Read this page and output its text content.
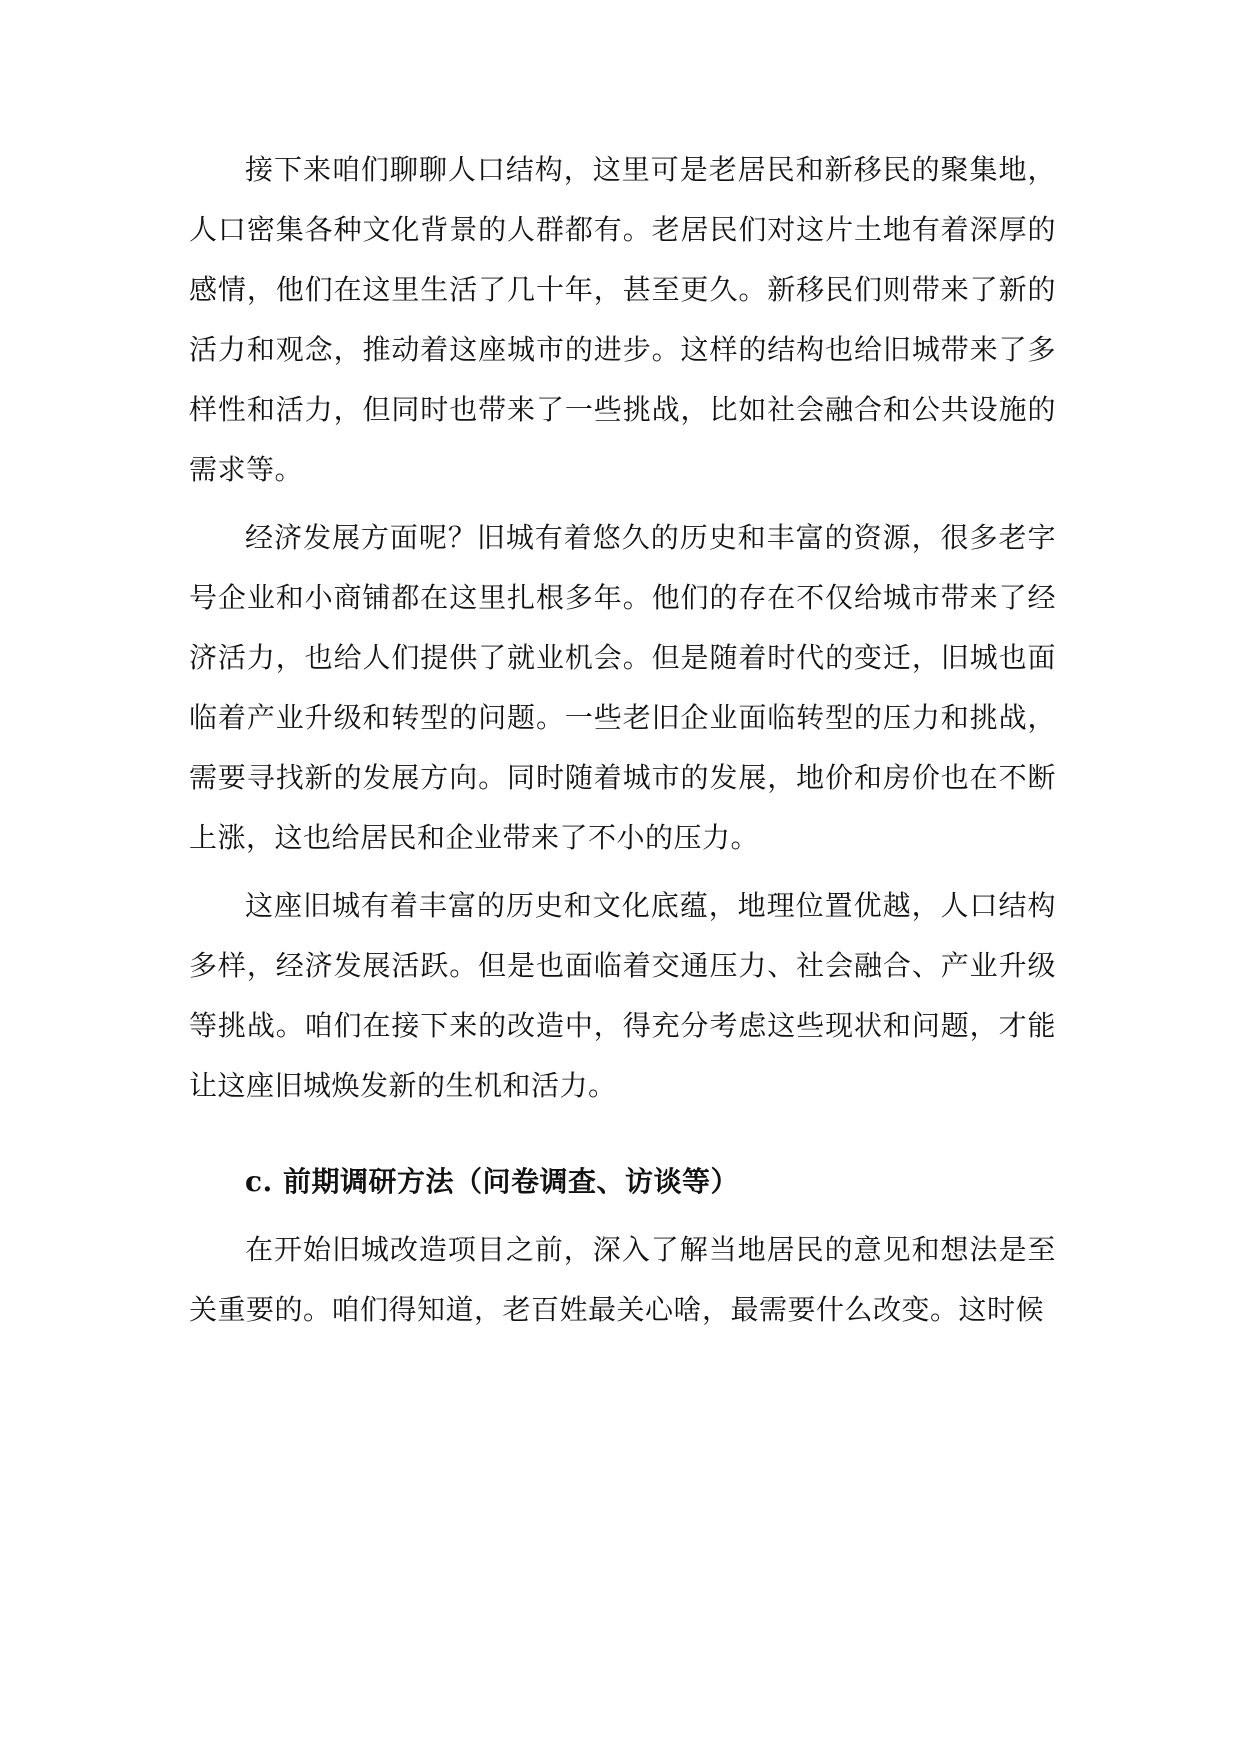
接下来咱们聊聊人口结构，这里可是老居民和新移民的聚集地，人口密集各种文化背景的人群都有。老居民们对这片土地有着深厚的感情，他们在这里生活了几十年，甚至更久。新移民们则带来了新的活力和观念，推动着这座城市的进步。这样的结构也给旧城带来了多样性和活力，但同时也带来了一些挑战，比如社会融合和公共设施的需求等。

经济发展方面呢？旧城有着悠久的历史和丰富的资源，很多老字号企业和小商铺都在这里扎根多年。他们的存在不仅给城市带来了经济活力，也给人们提供了就业机会。但是随着时代的变迁，旧城也面临着产业升级和转型的问题。一些老旧企业面临转型的压力和挑战，需要寻找新的发展方向。同时随着城市的发展，地价和房价也在不断上涨，这也给居民和企业带来了不小的压力。

这座旧城有着丰富的历史和文化底蕴，地理位置优越，人口结构多样，经济发展活跃。但是也面临着交通压力、社会融合、产业升级等挑战。咱们在接下来的改造中，得充分考虑这些现状和问题，才能让这座旧城焕发新的生机和活力。

c. 前期调研方法（问卷调查、访谈等）

在开始旧城改造项目之前，深入了解当地居民的意见和想法是至关重要的。咱们得知道，老百姓最关心啥，最需要什么改变。这时候
